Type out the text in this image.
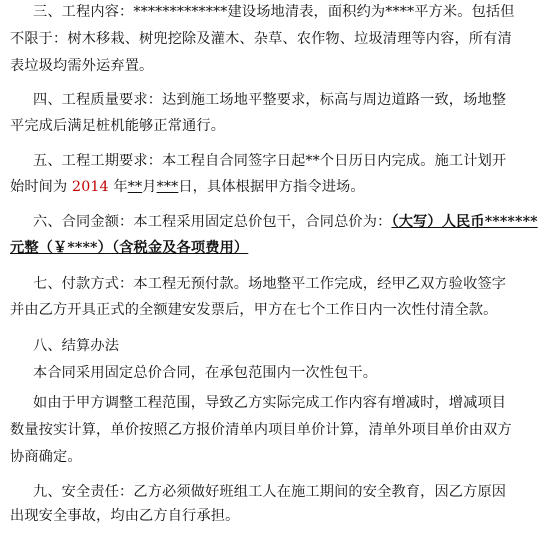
三、工程内容：*************建设场地清表，面积约为****平方米。包括但
不限于：树木移栽、树兜挖除及灌木、杂草、农作物、垃圾清理等内容，所有清
表垃圾均需外运弃置。
四、工程质量要求：达到施工场地平整要求，标高与周边道路一致，场地整
平完成后满足桩机能够正常通行。
五、工程工期要求：本工程自合同签字日起**个日历日内完成。施工计划开
始时间为 2014 年**月***日，具体根据甲方指令进场。
六、合同金额：本工程采用固定总价包干，合同总价为：（大写）人民币*******
元整（￥****）（含税金及各项费用）
七、付款方式：本工程无预付款。场地整平工作完成，经甲乙双方验收签字
并由乙方开具正式的全额建安发票后，甲方在七个工作日内一次性付清全款。
八、结算办法
本合同采用固定总价合同，在承包范围内一次性包干。
如由于甲方调整工程范围，导致乙方实际完成工作内容有增减时，增减项目
数量按实计算，单价按照乙方报价清单内项目单价计算，清单外项目单价由双方
协商确定。
九、安全责任：乙方必须做好班组工人在施工期间的安全教育，因乙方原因
出现安全事故，均由乙方自行承担。
